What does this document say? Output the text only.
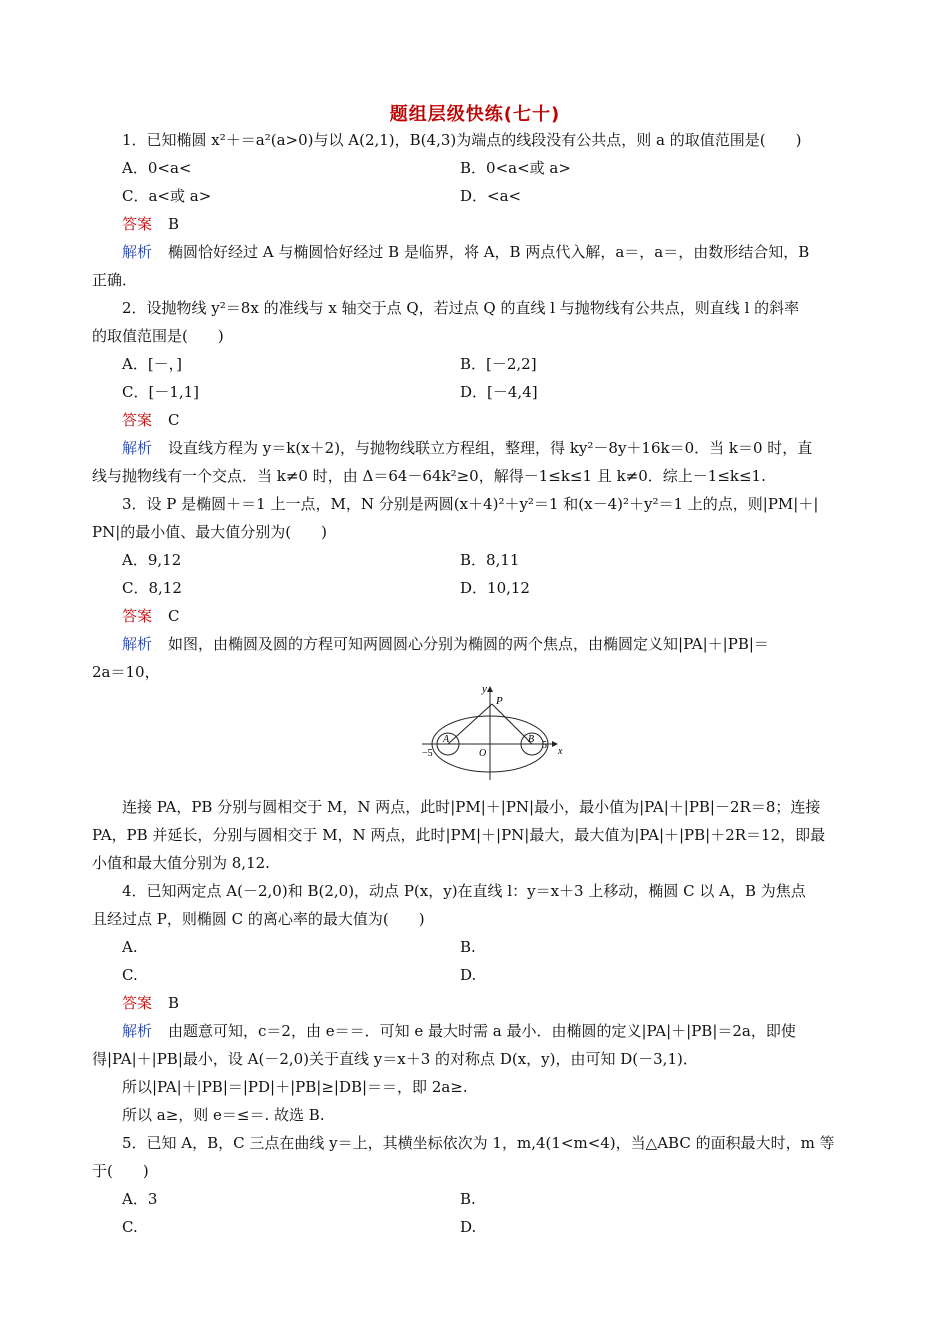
题组层级快练(七十)
1．已知椭圆 x²＋＝a²(a>0)与以 A(2,1)，B(4,3)为端点的线段没有公共点，则 a 的取值范围是(　　)
A．0<a<	B．0<a<或 a>
C．a<或 a>	D．<a<
答案 B
解析 椭圆恰好经过 A 与椭圆恰好经过 B 是临界，将 A，B 两点代入解，a＝，a＝，由数形结合知，B
正确．
2．设抛物线 y²＝8x 的准线与 x 轴交于点 Q，若过点 Q 的直线 l 与抛物线有公共点，则直线 l 的斜率
的取值范围是(　　)
A．[－，]	B．[－2,2]
C．[－1,1]	D．[－4,4]
答案 C
解析 设直线方程为 y＝k(x＋2)，与抛物线联立方程组，整理，得 ky²－8y＋16k＝0．当 k＝0 时，直
线与抛物线有一个交点．当 k≠0 时，由 Δ＝64－64k²≥0，解得－1≤k≤1 且 k≠0．综上－1≤k≤1.
3．设 P 是椭圆＋＝1 上一点，M，N 分别是两圆(x＋4)²＋y²＝1 和(x－4)²＋y²＝1 上的点，则|PM|＋|
PN|的最小值、最大值分别为(　　)
A．9,12	B．8,11
C．8,12	D．10,12
答案 C
解析 如图，由椭圆及圆的方程可知两圆圆心分别为椭圆的两个焦点，由椭圆定义知|PA|＋|PB|＝
2a＝10，
y
P
A	B
O
−5
5
x
连接 PA，PB 分别与圆相交于 M，N 两点，此时|PM|＋|PN|最小，最小值为|PA|＋|PB|－2R＝8；连接
PA，PB 并延长，分别与圆相交于 M，N 两点，此时|PM|＋|PN|最大，最大值为|PA|＋|PB|＋2R＝12，即最
小值和最大值分别为 8,12.
4．已知两定点 A(－2,0)和 B(2,0)，动点 P(x，y)在直线 l：y＝x＋3 上移动，椭圆 C 以 A，B 为焦点
且经过点 P，则椭圆 C 的离心率的最大值为(　　)
A.	B.
C.	D.
答案 B
解析 由题意可知，c＝2，由 e＝＝．可知 e 最大时需 a 最小．由椭圆的定义|PA|＋|PB|＝2a，即使
得|PA|＋|PB|最小，设 A(－2,0)关于直线 y＝x＋3 的对称点 D(x，y)，由可知 D(－3,1)．
所以|PA|＋|PB|＝|PD|＋|PB|≥|DB|＝＝，即 2a≥.
所以 a≥，则 e＝≤＝. 故选 B.
5．已知 A，B，C 三点在曲线 y＝上，其横坐标依次为 1，m,4(1<m<4)，当△ABC 的面积最大时，m 等
于(　　)
A．3	B.
C.	D.
